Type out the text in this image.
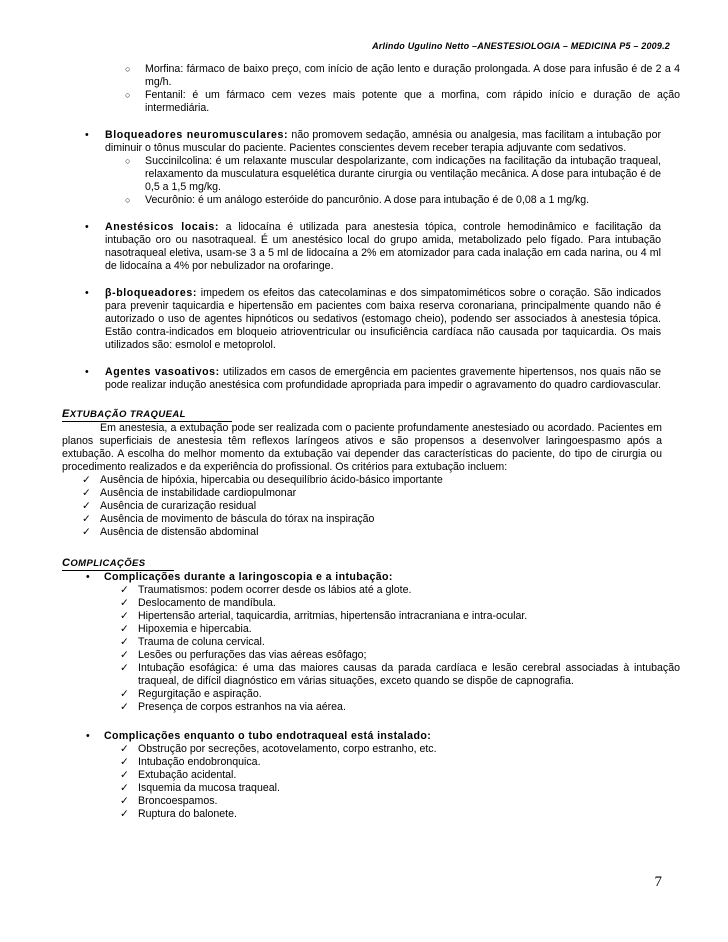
Arlindo Ugulino Netto –ANESTESIOLOGIA – MEDICINA P5 – 2009.2
○ Morfina: fármaco de baixo preço, com início de ação lento e duração prolongada. A dose para infusão é de 2 a 4 mg/h.
○ Fentanil: é um fármaco cem vezes mais potente que a morfina, com rápido início e duração de ação intermediária.
• Bloqueadores neuromusculares: não promovem sedação, amnésia ou analgesia, mas facilitam a intubação por diminuir o tônus muscular do paciente. Pacientes conscientes devem receber terapia adjuvante com sedativos.
○ Succinilcolina: é um relaxante muscular despolarizante, com indicações na facilitação da intubação traqueal, relaxamento da musculatura esquelética durante cirurgia ou ventilação mecânica. A dose para intubação é de 0,5 a 1,5 mg/kg.
○ Vecurônio: é um análogo esteróide do pancurônio. A dose para intubação é de 0,08 a 1 mg/kg.
• Anestésicos locais: a lidocaína é utilizada para anestesia tópica, controle hemodinâmico e facilitação da intubação oro ou nasotraqueal. É um anestésico local do grupo amida, metabolizado pelo fígado. Para intubação nasotraqueal eletiva, usam-se 3 a 5 ml de lidocaína a 2% em atomizador para cada inalação em cada narina, ou 4 ml de lidocaína a 4% por nebulizador na orofaringe.
• β-bloqueadores: impedem os efeitos das catecolaminas e dos simpatomiméticos sobre o coração. São indicados para prevenir taquicardia e hipertensão em pacientes com baixa reserva coronariana, principalmente quando não é autorizado o uso de agentes hipnóticos ou sedativos (estomago cheio), podendo ser associados à anestesia tópica. Estão contra-indicados em bloqueio atrioventricular ou insuficiência cardíaca não causada por taquicardia. Os mais utilizados são: esmolol e metoprolol.
• Agentes vasoativos: utilizados em casos de emergência em pacientes gravemente hipertensos, nos quais não se pode realizar indução anestésica com profundidade apropriada para impedir o agravamento do quadro cardiovascular.
EXTUBAÇÃO TRAQUEAL
Em anestesia, a extubação pode ser realizada com o paciente profundamente anestesiado ou acordado. Pacientes em planos superficiais de anestesia têm reflexos laríngeos ativos e são propensos a desenvolver laringoespasmo após a extubação. A escolha do melhor momento da extubação vai depender das características do paciente, do tipo de cirurgia ou procedimento realizados e da experiência do profissional. Os critérios para extubação incluem:
✓ Ausência de hipóxia, hipercabia ou desequilíbrio ácido-básico importante
✓ Ausência de instabilidade cardiopulmonar
✓ Ausência de curarização residual
✓ Ausência de movimento de báscula do tórax na inspiração
✓ Ausência de distensão abdominal
COMPLICAÇÕES
• Complicações durante a laringoscopia e a intubação:
✓ Traumatismos: podem ocorrer desde os lábios até a glote.
✓ Deslocamento de mandíbula.
✓ Hipertensão arterial, taquicardia, arritmias, hipertensão intracraniana e intra-ocular.
✓ Hipoxemia e hipercabia.
✓ Trauma de coluna cervical.
✓ Lesões ou perfurações das vias aéreas esôfago;
✓ Intubação esofágica: é uma das maiores causas da parada cardíaca e lesão cerebral associadas à intubação traqueal, de difícil diagnóstico em várias situações, exceto quando se dispõe de capnografia.
✓ Regurgitação e aspiração.
✓ Presença de corpos estranhos na via aérea.
• Complicações enquanto o tubo endotraqueal está instalado:
✓ Obstrução por secreções, acotovelamento, corpo estranho, etc.
✓ Intubação endobronquica.
✓ Extubação acidental.
✓ Isquemia da mucosa traqueal.
✓ Broncoespamos.
✓ Ruptura do balonete.
7
